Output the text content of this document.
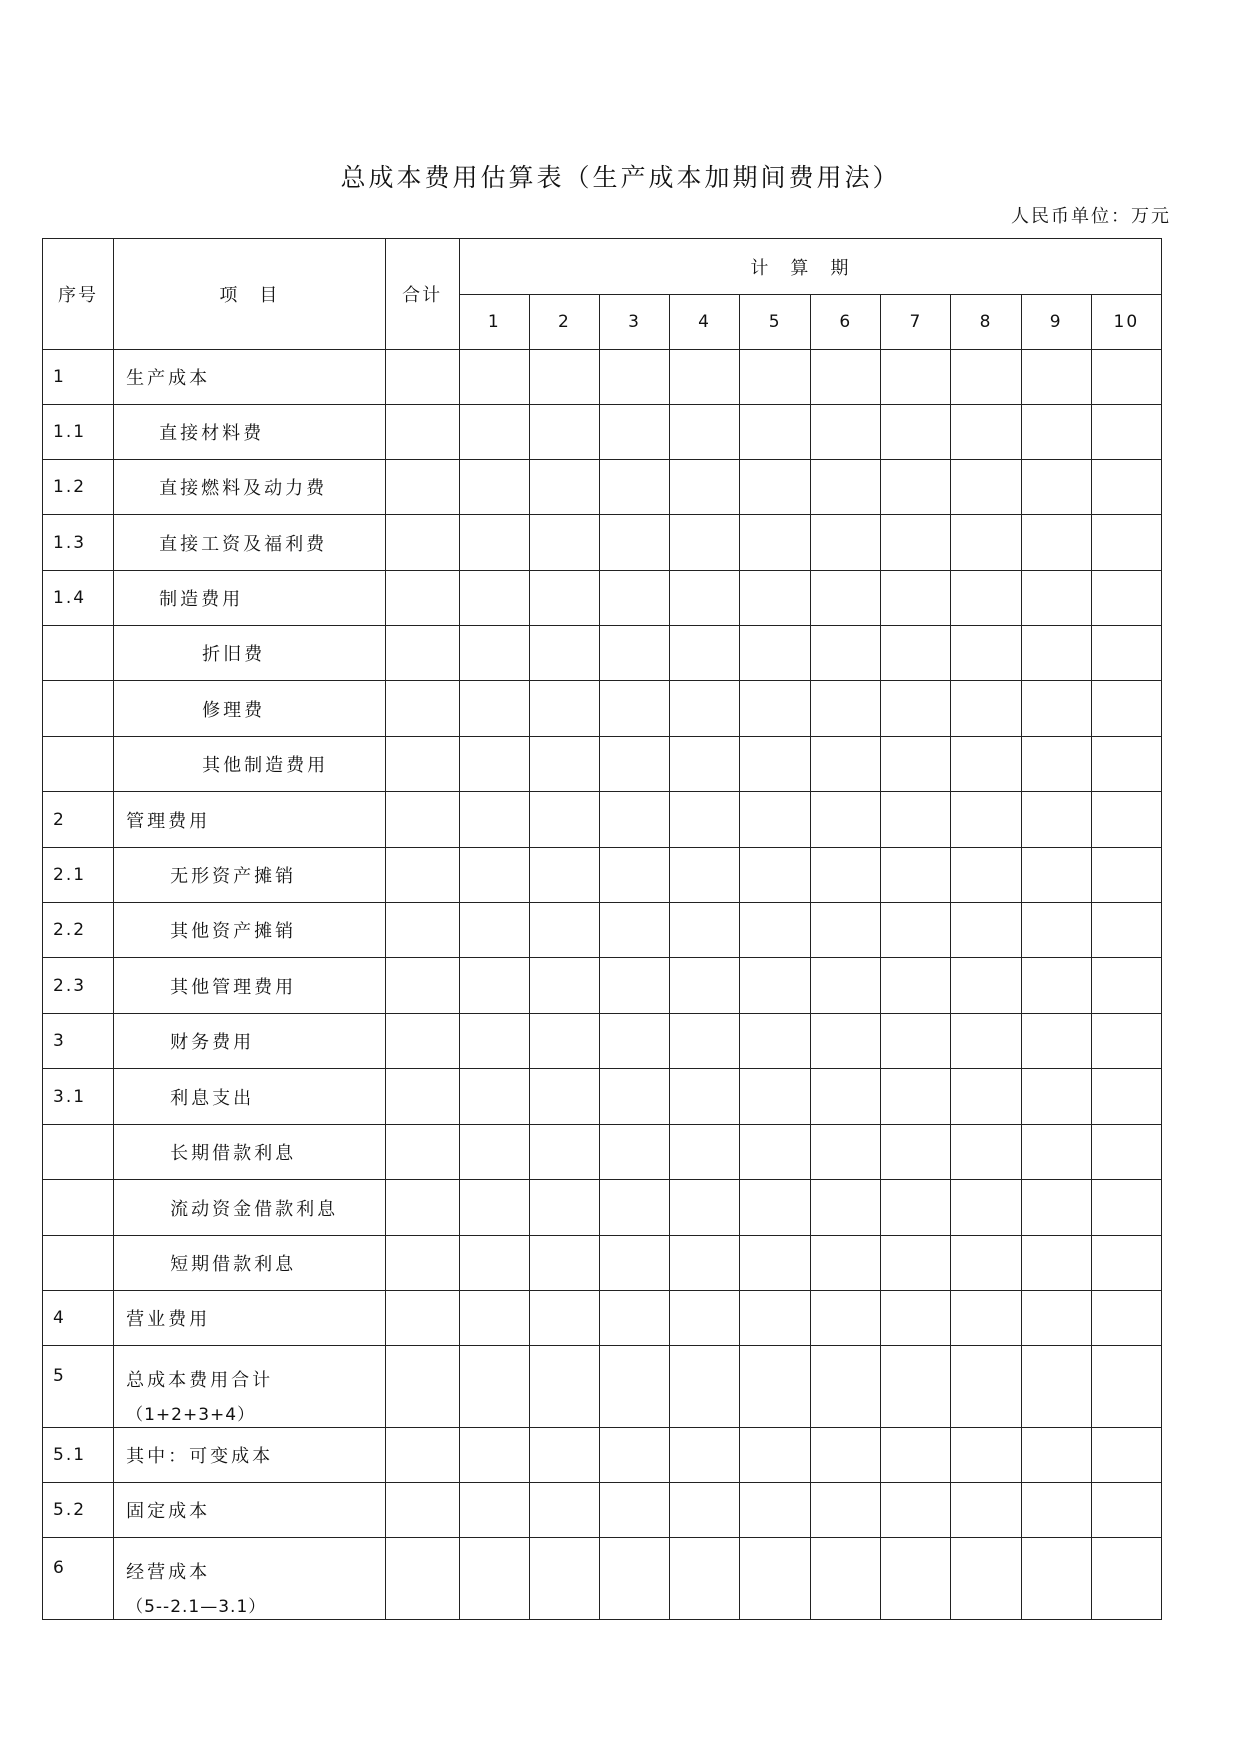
总成本费用估算表（生产成本加期间费用法）
人民币单位：万元
序号	项　目	合计	计算期									
			1	2	3	4	5	6	7	8	9	10
1	生产成本											
1.1	直接材料费											
1.2	直接燃料及动力费											
1.3	直接工资及福利费											
1.4	制造费用											
	折旧费											
	修理费											
	其他制造费用											
2	管理费用											
2.1	无形资产摊销											
2.2	其他资产摊销											
2.3	其他管理费用											
3	财务费用											
3.1	利息支出											
	长期借款利息											
	流动资金借款利息											
	短期借款利息											
4	营业费用											
5	总成本费用合计
（1+2+3+4）											

5.1	其中：可变成本											
5.2	固定成本											
6	经营成本
（5--2.1—3.1）											
